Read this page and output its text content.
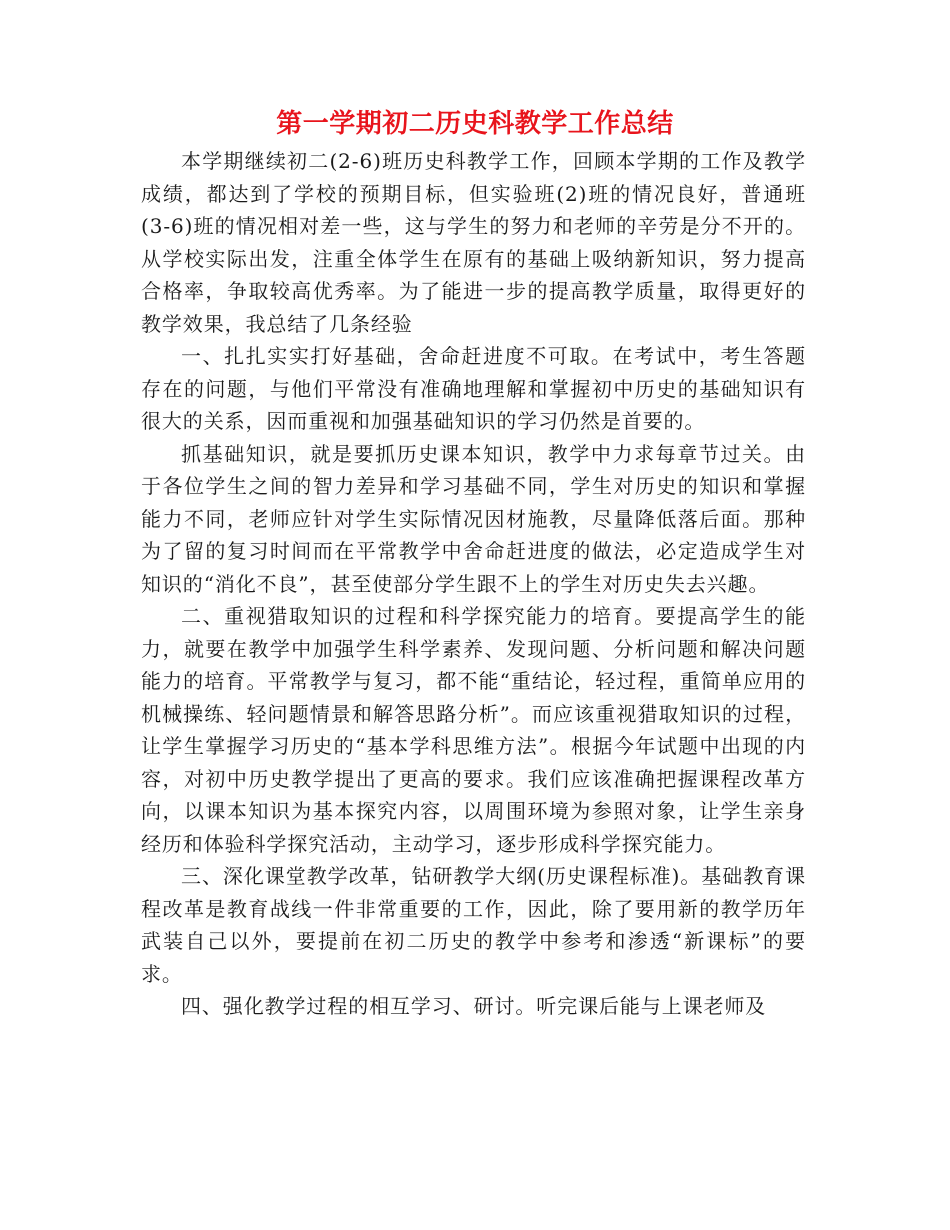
第一学期初二历史科教学工作总结

本学期继续初二(2-6)班历史科教学工作，回顾本学期的工作及教学成绩，都达到了学校的预期目标，但实验班(2)班的情况良好，普通班(3-6)班的情况相对差一些，这与学生的努力和老师的辛劳是分不开的。从学校实际出发，注重全体学生在原有的基础上吸纳新知识，努力提高合格率，争取较高优秀率。为了能进一步的提高教学质量，取得更好的教学效果，我总结了几条经验

一、扎扎实实打好基础，舍命赶进度不可取。在考试中，考生答题存在的问题，与他们平常没有准确地理解和掌握初中历史的基础知识有很大的关系，因而重视和加强基础知识的学习仍然是首要的。

抓基础知识，就是要抓历史课本知识，教学中力求每章节过关。由于各位学生之间的智力差异和学习基础不同，学生对历史的知识和掌握能力不同，老师应针对学生实际情况因材施教，尽量降低落后面。那种为了留的复习时间而在平常教学中舍命赶进度的做法，必定造成学生对知识的“消化不良”，甚至使部分学生跟不上的学生对历史失去兴趣。

二、重视猎取知识的过程和科学探究能力的培育。要提高学生的能力，就要在教学中加强学生科学素养、发现问题、分析问题和解决问题能力的培育。平常教学与复习，都不能“重结论，轻过程，重简单应用的机械操练、轻问题情景和解答思路分析”。而应该重视猎取知识的过程，让学生掌握学习历史的“基本学科思维方法”。根据今年试题中出现的内容，对初中历史教学提出了更高的要求。我们应该准确把握课程改革方向，以课本知识为基本探究内容，以周围环境为参照对象，让学生亲身经历和体验科学探究活动，主动学习，逐步形成科学探究能力。

三、深化课堂教学改革，钻研教学大纲(历史课程标准)。基础教育课程改革是教育战线一件非常重要的工作，因此，除了要用新的教学历年武装自己以外，要提前在初二历史的教学中参考和渗透“新课标”的要求。

四、强化教学过程的相互学习、研讨。听完课后能与上课老师及
